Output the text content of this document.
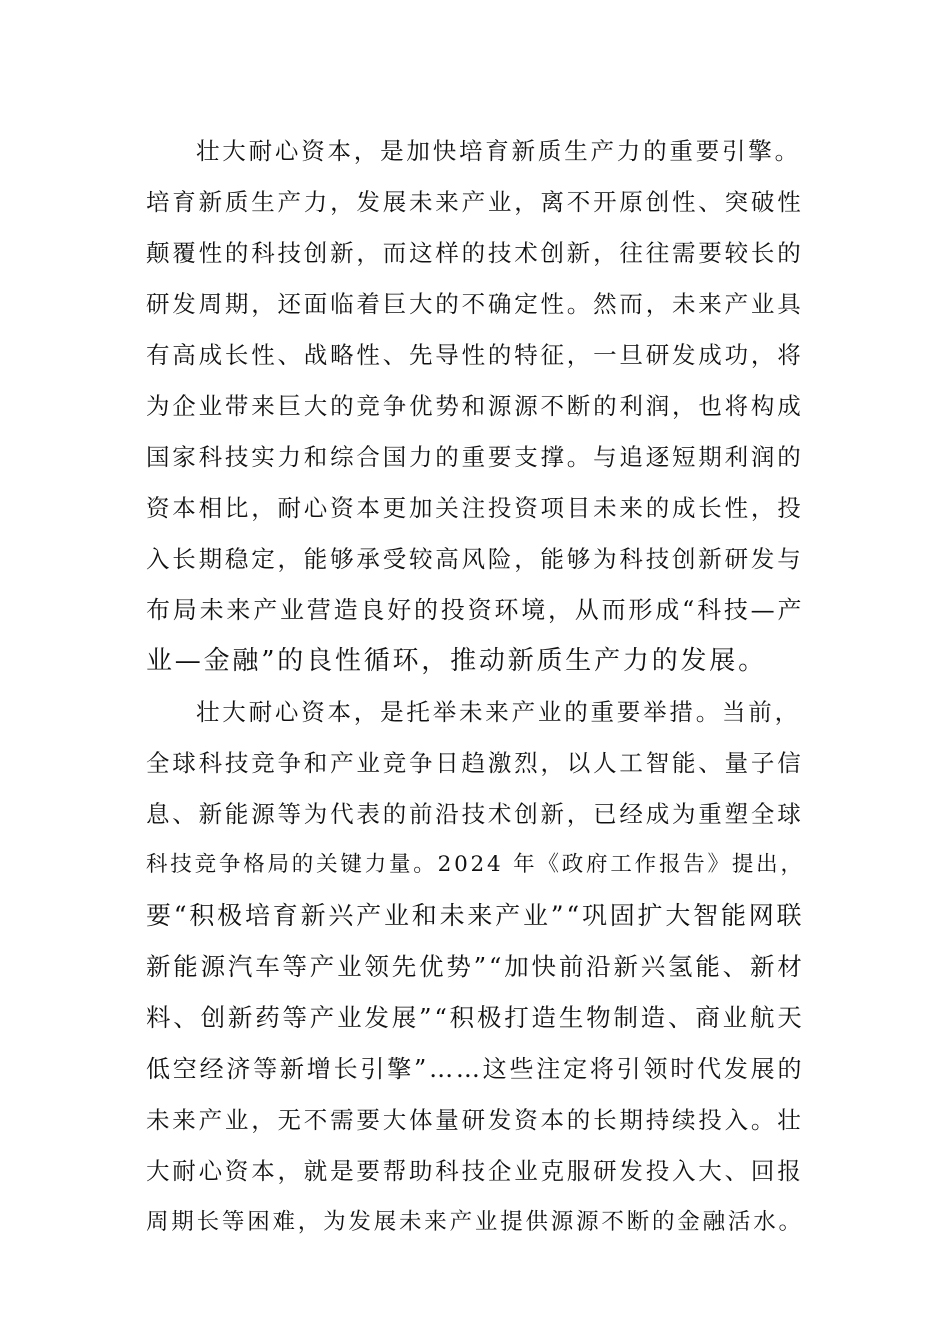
壮大耐心资本，是加快培育新质生产力的重要引擎。
培育新质生产力，发展未来产业，离不开原创性、突破性
颠覆性的科技创新，而这样的技术创新，往往需要较长的
研发周期，还面临着巨大的不确定性。然而，未来产业具
有高成长性、战略性、先导性的特征，一旦研发成功，将
为企业带来巨大的竞争优势和源源不断的利润，也将构成
国家科技实力和综合国力的重要支撑。与追逐短期利润的
资本相比，耐心资本更加关注投资项目未来的成长性，投
入长期稳定，能够承受较高风险，能够为科技创新研发与
布局未来产业营造良好的投资环境，从而形成“科技—产
业—金融”的良性循环，推动新质生产力的发展。
壮大耐心资本，是托举未来产业的重要举措。当前，
全球科技竞争和产业竞争日趋激烈，以人工智能、量子信
息、新能源等为代表的前沿技术创新，已经成为重塑全球
科技竞争格局的关键力量。2024 年《政府工作报告》提出，
要“积极培育新兴产业和未来产业”“巩固扩大智能网联
新能源汽车等产业领先优势”“加快前沿新兴氢能、新材
料、创新药等产业发展”“积极打造生物制造、商业航天
低空经济等新增长引擎”……这些注定将引领时代发展的
未来产业，无不需要大体量研发资本的长期持续投入。壮
大耐心资本，就是要帮助科技企业克服研发投入大、回报
周期长等困难，为发展未来产业提供源源不断的金融活水。
